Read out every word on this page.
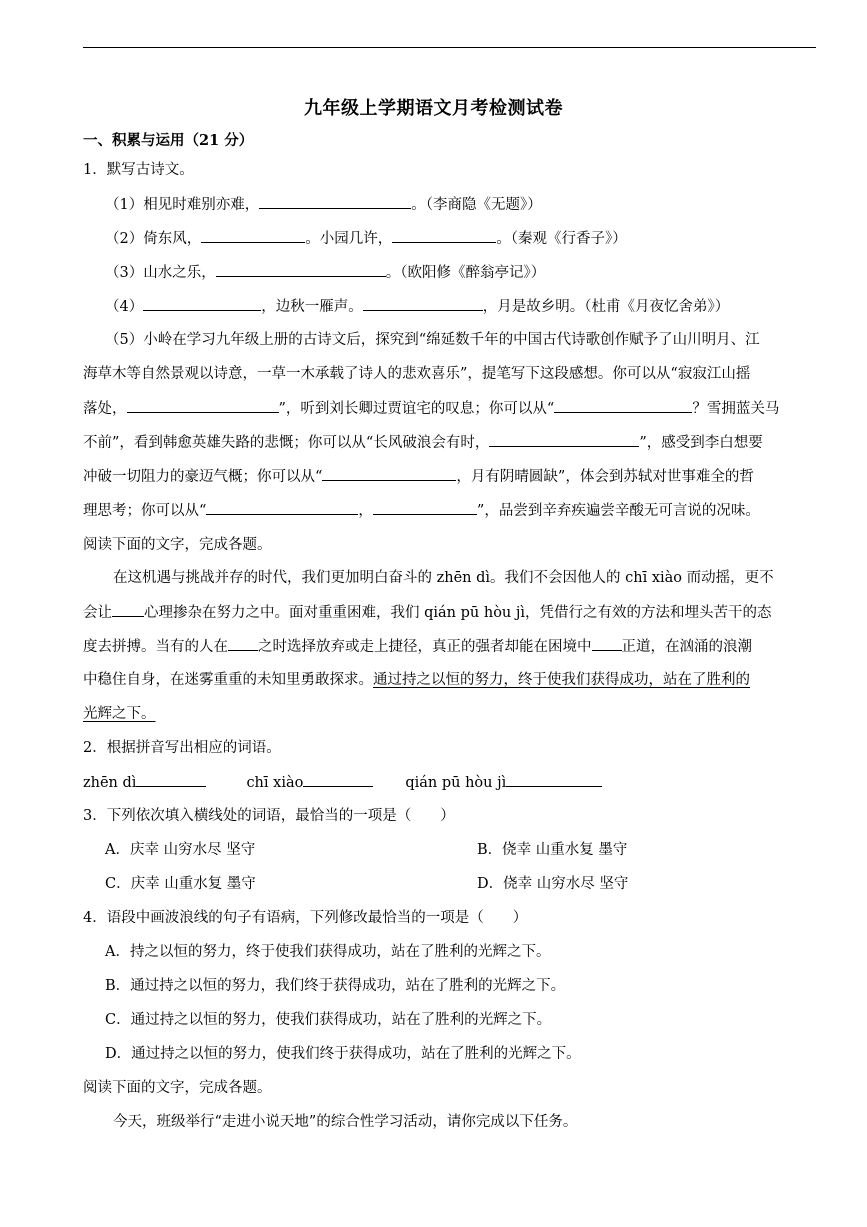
九年级上学期语文月考检测试卷
一、积累与运用（21 分）
1．默写古诗文。
（1）相见时难别亦难，	。（李商隐《无题》）
（2）倚东风，	。小园几许，	。（秦观《行香子》）
（3）山水之乐，	。（欧阳修《醉翁亭记》）
（4）	，边秋一雁声。	，月是故乡明。（杜甫《月夜忆舍弟》）
（5）小岭在学习九年级上册的古诗文后，探究到“绵延数千年的中国古代诗歌创作赋予了山川明月、江
海草木等自然景观以诗意，一草一木承载了诗人的悲欢喜乐”，提笔写下这段感想。你可以从“寂寂江山摇
落处，	”，听到刘长卿过贾谊宅的叹息；你可以从“	？雪拥蓝关马
不前”，看到韩愈英雄失路的悲慨；你可以从“长风破浪会有时，	”，感受到李白想要
冲破一切阻力的豪迈气概；你可以从“	，月有阴晴圆缺”，体会到苏轼对世事难全的哲
理思考；你可以从“	，	”，品尝到辛弃疾遍尝辛酸无可言说的况味。
阅读下面的文字，完成各题。
在这机遇与挑战并存的时代，我们更加明白奋斗的 zhēn dì。我们不会因他人的 chī xiào 而动摇，更不
会让 心理掺杂在努力之中。面对重重困难，我们 qián pū hòu jì，凭借行之有效的方法和埋头苦干的态
度去拼搏。当有的人在 之时选择放弃或走上捷径，真正的强者却能在困境中 正道，在汹涌的浪潮
中稳住自身，在迷雾重重的未知里勇敢探求。通过持之以恒的努力，终于使我们获得成功，站在了胜利的
光辉之下。
2．根据拼音写出相应的词语。
zhēn dì	chī xiào	qián pū hòu jì
3．下列依次填入横线处的词语，最恰当的一项是（　　）
A．庆幸 山穷水尽 坚守	B．侥幸 山重水复 墨守
C．庆幸 山重水复 墨守	D．侥幸 山穷水尽 坚守
4．语段中画波浪线的句子有语病，下列修改最恰当的一项是（　　）
A．持之以恒的努力，终于使我们获得成功，站在了胜利的光辉之下。
B．通过持之以恒的努力，我们终于获得成功，站在了胜利的光辉之下。
C．通过持之以恒的努力，使我们获得成功，站在了胜利的光辉之下。
D．通过持之以恒的努力，使我们终于获得成功，站在了胜利的光辉之下。
阅读下面的文字，完成各题。
今天，班级举行“走进小说天地”的综合性学习活动，请你完成以下任务。
